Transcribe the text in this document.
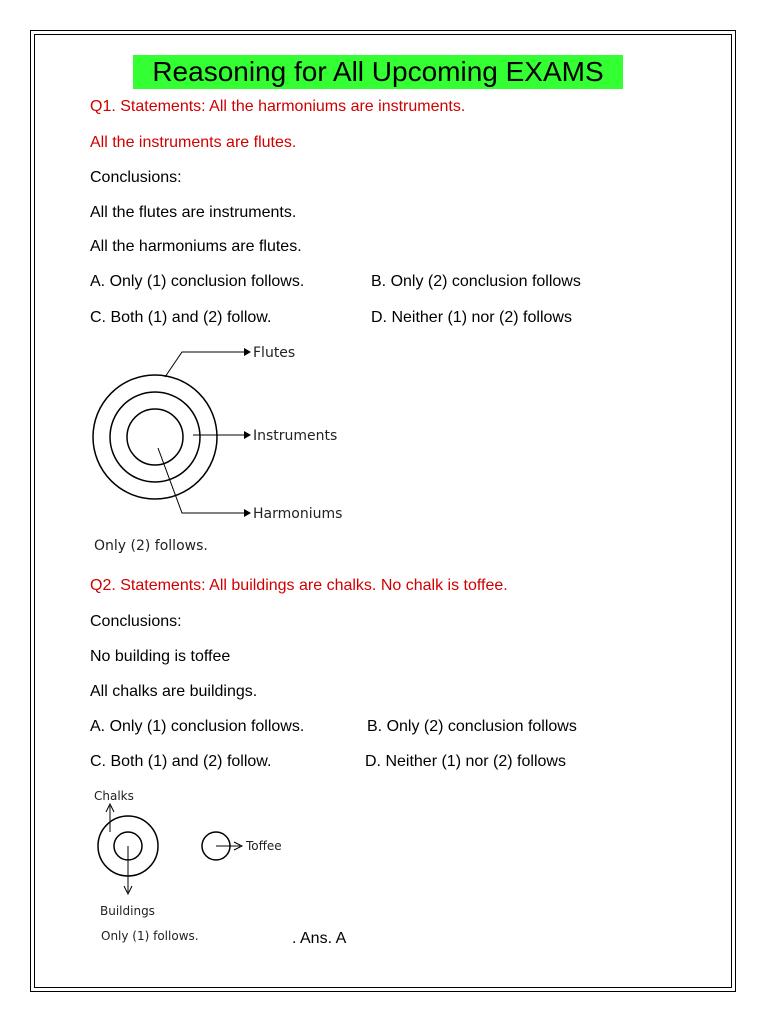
Reasoning for All Upcoming EXAMS
Q1. Statements: All the harmoniums are instruments.
All the instruments are flutes.
Conclusions:
All the flutes are instruments.
All the harmoniums are flutes.
A. Only (1) conclusion follows.	B. Only (2) conclusion follows
C. Both (1) and (2) follow.	D. Neither (1) nor (2) follows
Flutes
Instruments
Harmoniums
Only (2) follows.
Q2. Statements: All buildings are chalks. No chalk is toffee.
Conclusions:
No building is toffee
All chalks are buildings.
A. Only (1) conclusion follows.	B. Only (2) conclusion follows
C. Both (1) and (2) follow.	D. Neither (1) nor (2) follows
Chalks
Buildings
Toffee
Only (1) follows.	. Ans. A
